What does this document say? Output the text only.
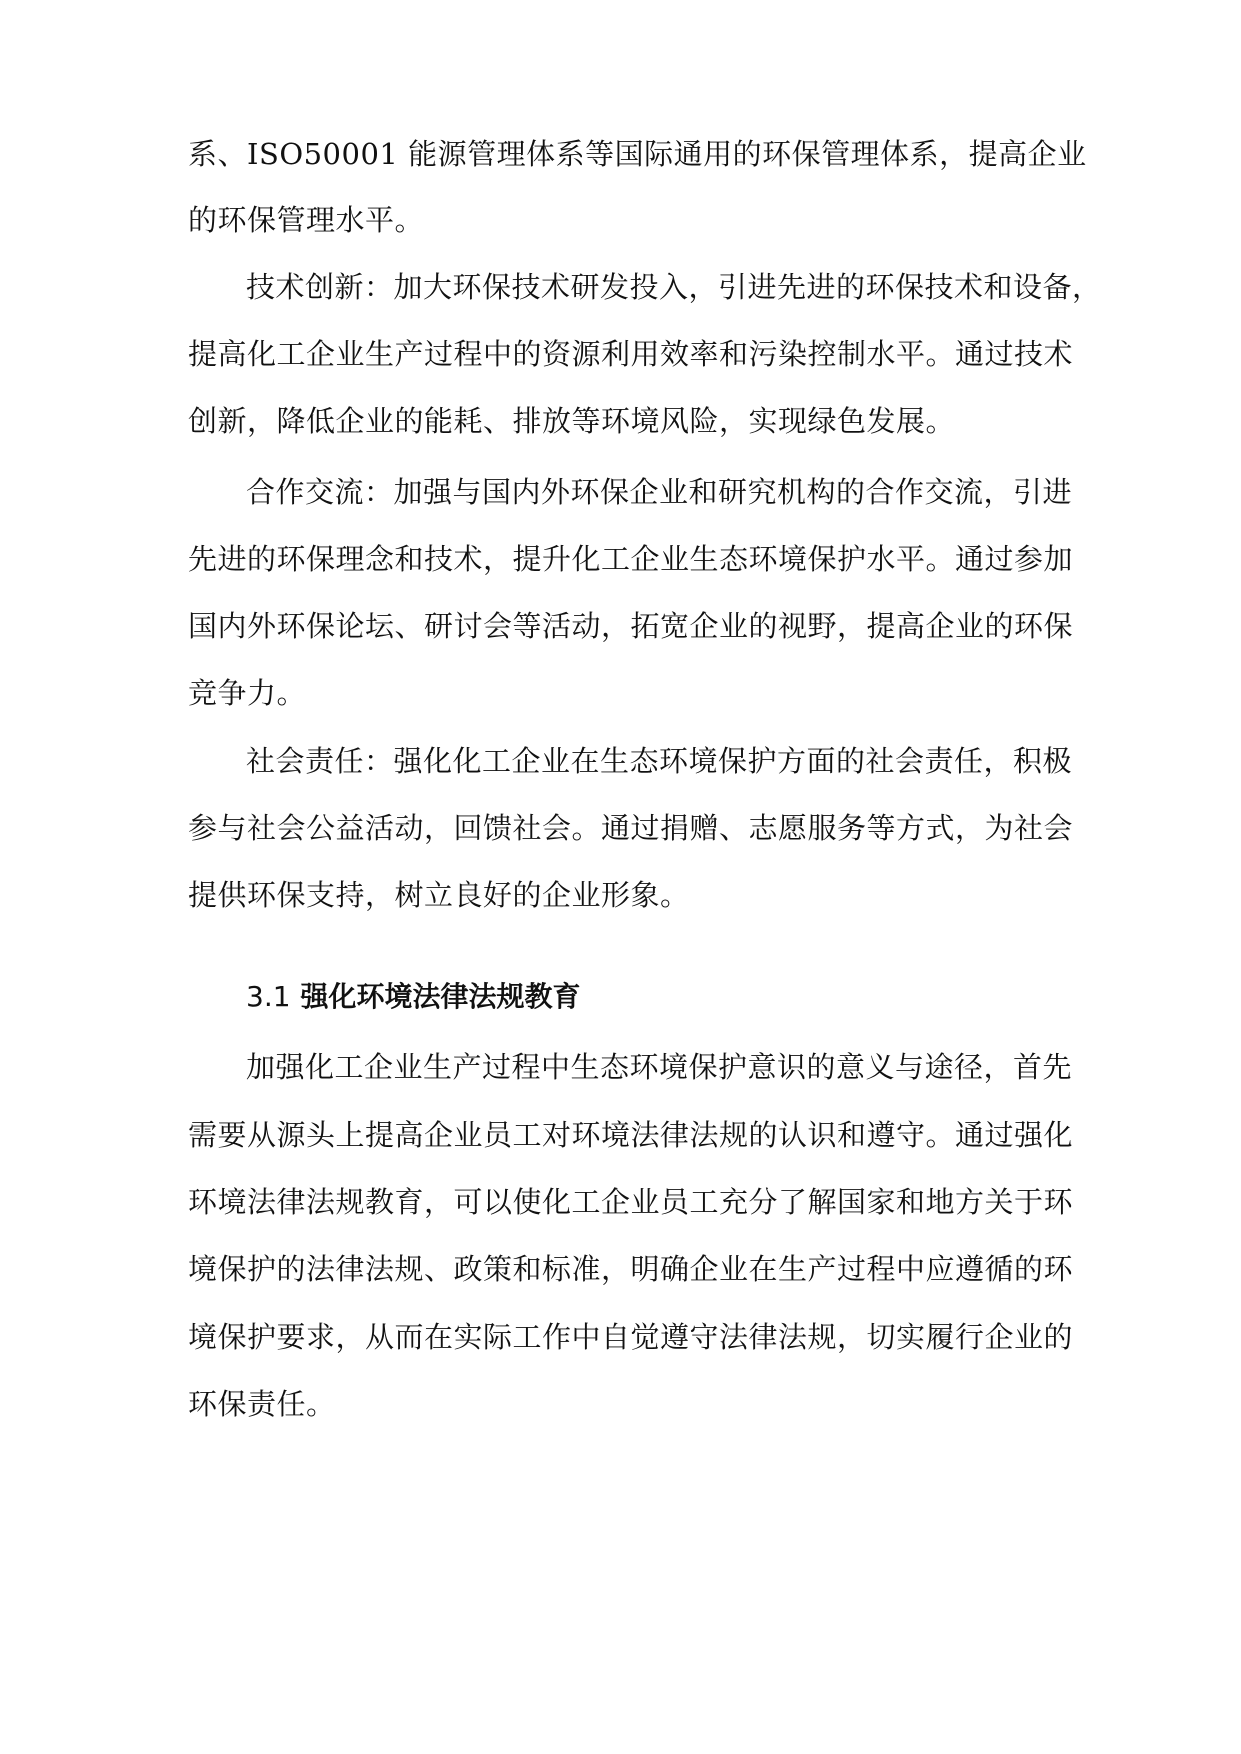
系、ISO50001 能源管理体系等国际通用的环保管理体系，提高企业
的环保管理水平。
技术创新：加大环保技术研发投入，引进先进的环保技术和设备，
提高化工企业生产过程中的资源利用效率和污染控制水平。通过技术
创新，降低企业的能耗、排放等环境风险，实现绿色发展。
合作交流：加强与国内外环保企业和研究机构的合作交流，引进
先进的环保理念和技术，提升化工企业生态环境保护水平。通过参加
国内外环保论坛、研讨会等活动，拓宽企业的视野，提高企业的环保
竞争力。
社会责任：强化化工企业在生态环境保护方面的社会责任，积极
参与社会公益活动，回馈社会。通过捐赠、志愿服务等方式，为社会
提供环保支持，树立良好的企业形象。
3.1 强化环境法律法规教育
加强化工企业生产过程中生态环境保护意识的意义与途径，首先
需要从源头上提高企业员工对环境法律法规的认识和遵守。通过强化
环境法律法规教育，可以使化工企业员工充分了解国家和地方关于环
境保护的法律法规、政策和标准，明确企业在生产过程中应遵循的环
境保护要求，从而在实际工作中自觉遵守法律法规，切实履行企业的
环保责任。
